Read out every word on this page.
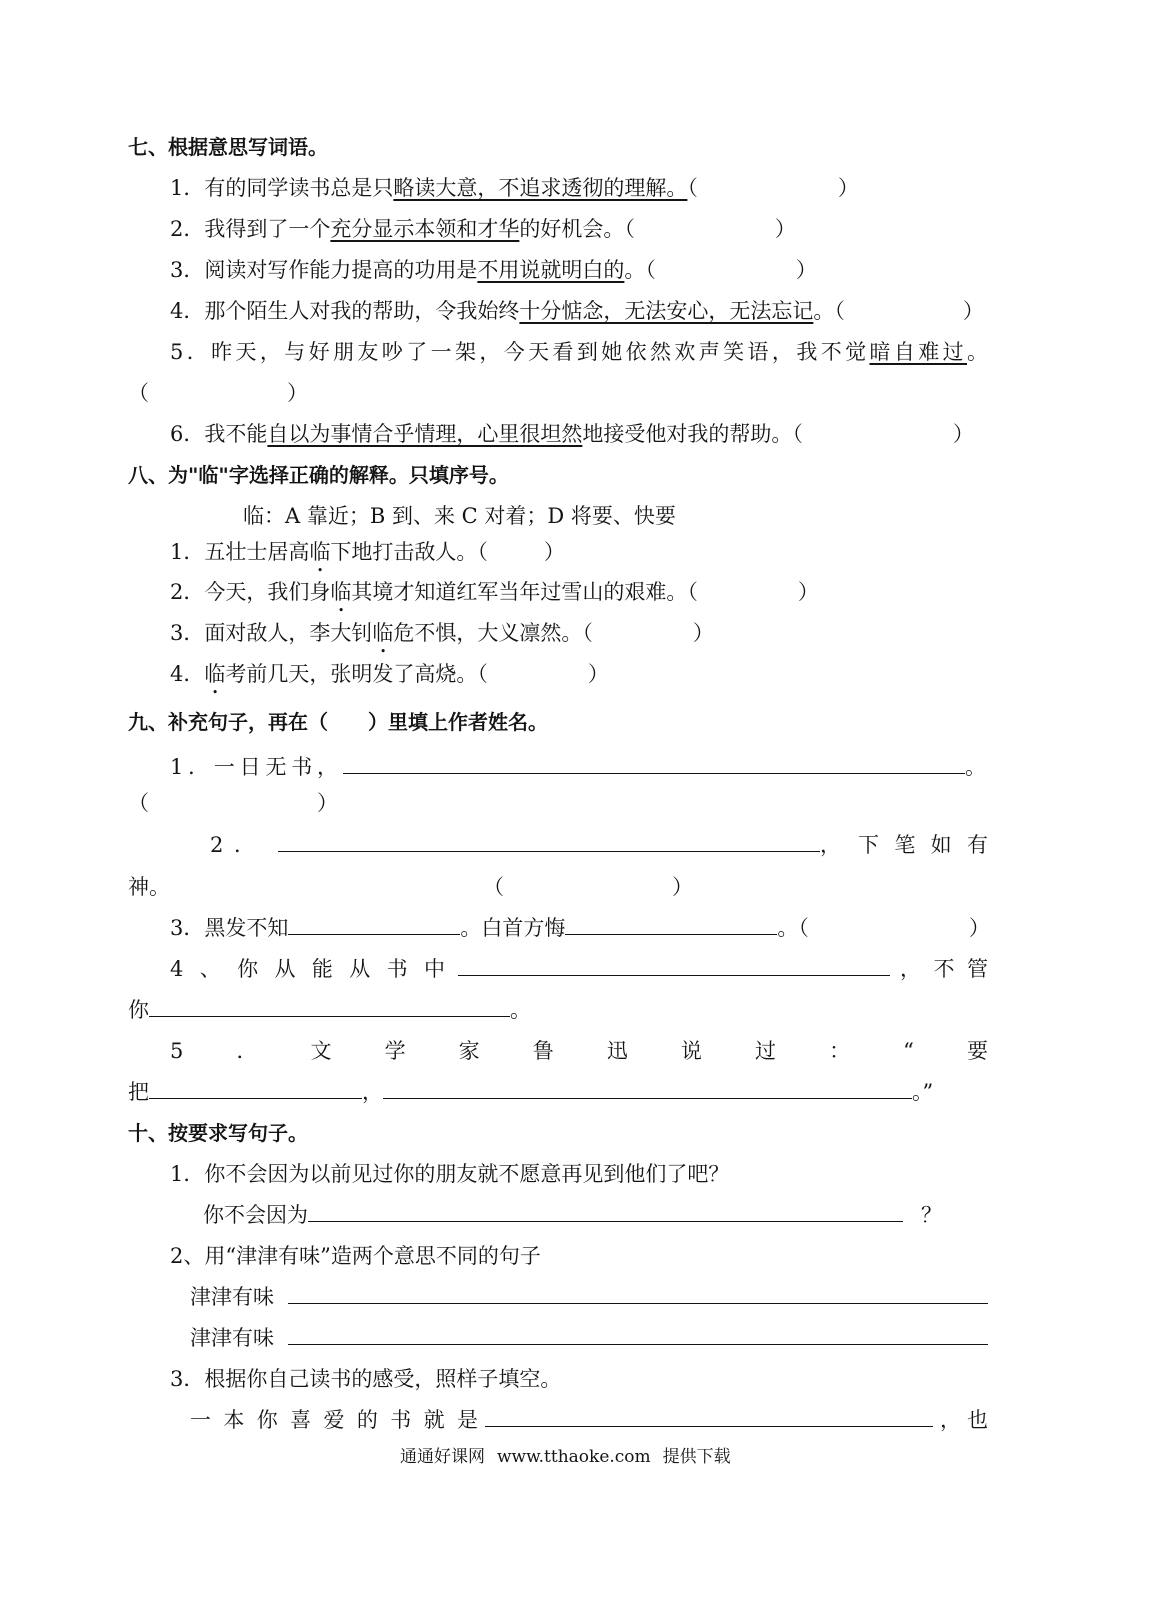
七、根据意思写词语。
1．有的同学读书总是只略读大意，不追求透彻的理解。（	）
2．我得到了一个充分显示本领和才华的好机会。（	）
3．阅读对写作能力提高的功用是不用说就明白的。（	）
4．那个陌生人对我的帮助，令我始终十分惦念，无法安心，无法忘记。（	）
5．昨天，与好朋友吵了一架，今天看到她依然欢声笑语，我不觉暗自难过。
（	）
6．我不能自以为事情合乎情理，心里很坦然地接受他对我的帮助。（	）
八、为"临"字选择正确的解释。只填序号。
临：A 靠近；B 到、来 C 对着；D 将要、快要
1．五壮士居高临下地打击敌人。（	）
2．今天，我们身临其境才知道红军当年过雪山的艰难。（	）
3．面对敌人，李大钊临危不惧，大义凛然。（	）
4．临考前几天，张明发了高烧。（	）
九、补充句子，再在（ ）里填上作者姓名。
1．一日无书，	。
（	）
2．	， 下笔如有
神。	（	）
3．黑发不知	。白首方悔	。（	）
4、你从能从书中	，不管
你	。
5．文学家鲁迅说过：“要
把	，	。”
十、按要求写句子。
1．你不会因为以前见过你的朋友就不愿意再见到他们了吧？
你不会因为	？
2、用“津津有味”造两个意思不同的句子
津津有味
津津有味
3．根据你自己读书的感受，照样子填空。
一本你喜爱的书就是	，也
通通好课网 www.tthaoke.com 提供下载
